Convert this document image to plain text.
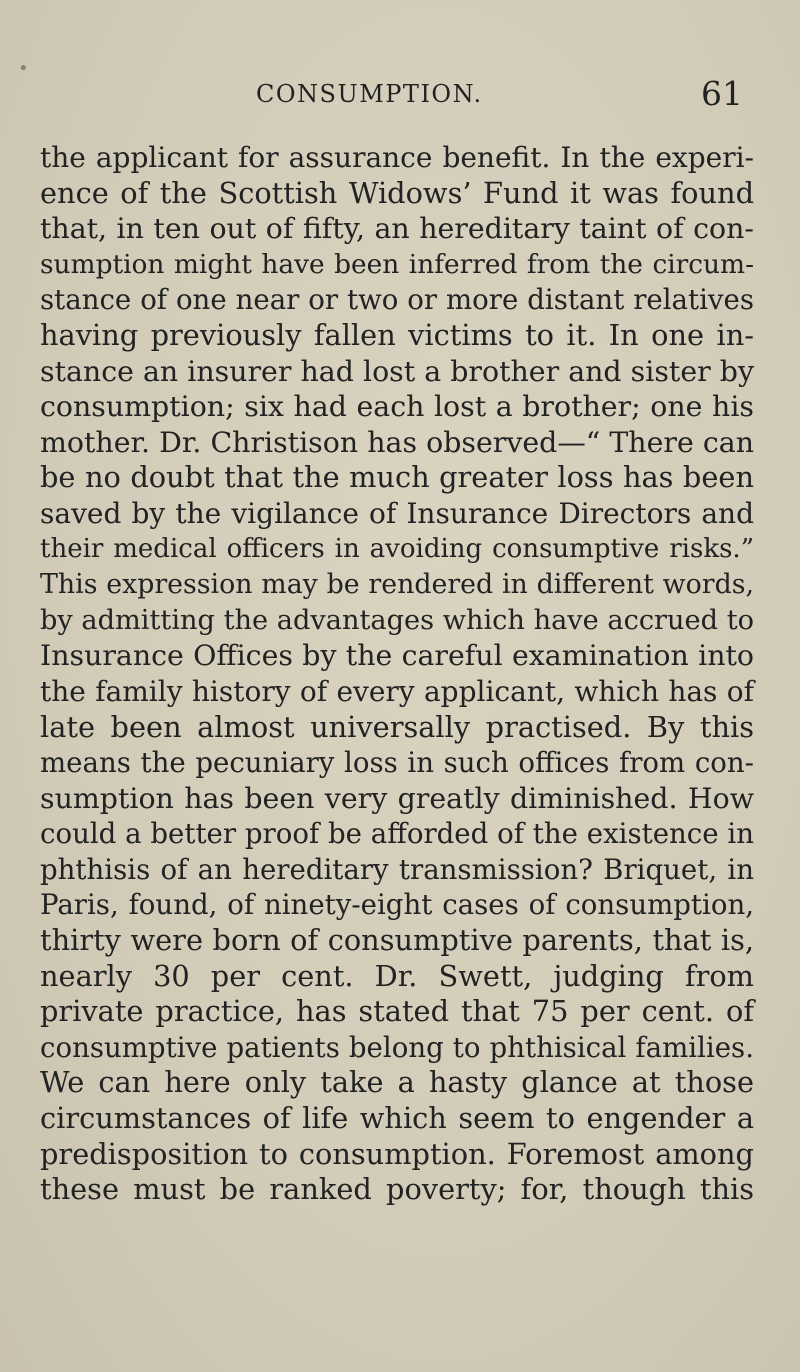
•
CONSUMPTION.	61
the applicant for assurance benefit. In the experi-
ence of the Scottish Widows’ Fund it was found
that, in ten out of fifty, an hereditary taint of con-
sumption might have been inferred from the circum-
stance of one near or two or more distant relatives
having previously fallen victims to it. In one in-
stance an insurer had lost a brother and sister by
consumption; six had each lost a brother; one his
mother. Dr. Christison has observed—“ There can
be no doubt that the much greater loss has been
saved by the vigilance of Insurance Directors and
their medical officers in avoiding consumptive risks.”
This expression may be rendered in different words,
by admitting the advantages which have accrued to
Insurance Offices by the careful examination into
the family history of every applicant, which has of
late been almost universally practised. By this
means the pecuniary loss in such offices from con-
sumption has been very greatly diminished. How
could a better proof be afforded of the existence in
phthisis of an hereditary transmission? Briquet, in
Paris, found, of ninety-eight cases of consumption,
thirty were born of consumptive parents, that is,
nearly 30 per cent. Dr. Swett, judging from
private practice, has stated that 75 per cent. of
consumptive patients belong to phthisical families.
We can here only take a hasty glance at those
circumstances of life which seem to engender a
predisposition to consumption. Foremost among
these must be ranked poverty; for, though this
